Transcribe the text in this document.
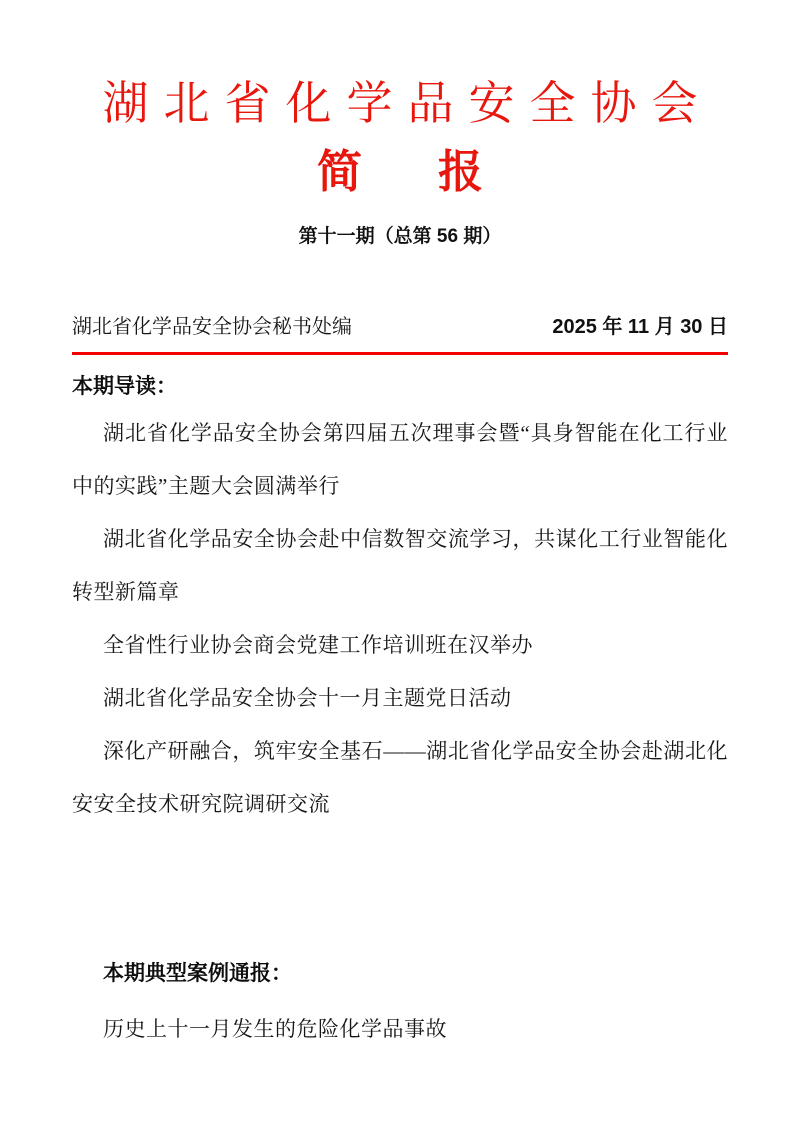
湖北省化学品安全协会
简 报
第十一期（总第 56 期）
湖北省化学品安全协会秘书处编	2025 年 11 月 30 日
本期导读：

湖北省化学品安全协会第四届五次理事会暨“具身智能在化工行业中的实践”主题大会圆满举行

湖北省化学品安全协会赴中信数智交流学习，共谋化工行业智能化转型新篇章

全省性行业协会商会党建工作培训班在汉举办

湖北省化学品安全协会十一月主题党日活动

深化产研融合，筑牢安全基石——湖北省化学品安全协会赴湖北化安安全技术研究院调研交流

本期典型案例通报：
历史上十一月发生的危险化学品事故
